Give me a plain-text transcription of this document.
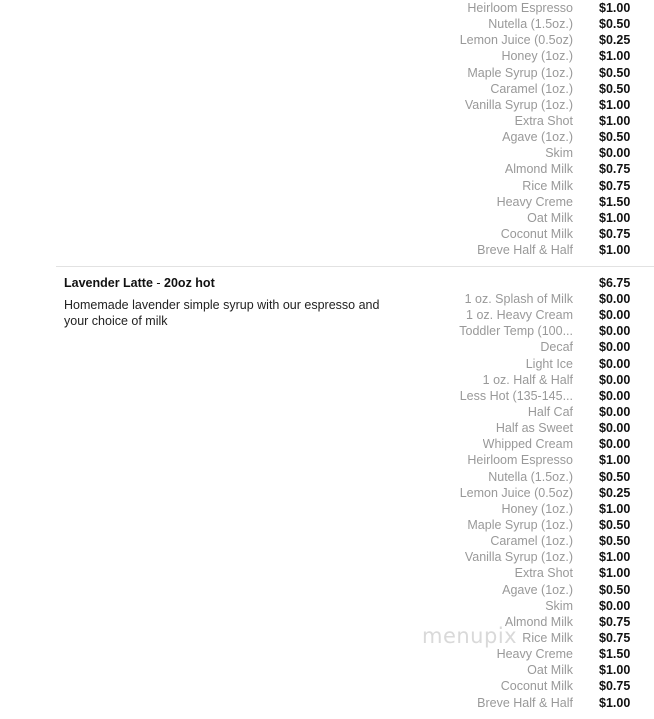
Heirloom Espresso $1.00
Nutella (1.5oz.) $0.50
Lemon Juice (0.5oz) $0.25
Honey (1oz.) $1.00
Maple Syrup (1oz.) $0.50
Caramel (1oz.) $0.50
Vanilla Syrup (1oz.) $1.00
Extra Shot $1.00
Agave (1oz.) $0.50
Skim $0.00
Almond Milk $0.75
Rice Milk $0.75
Heavy Creme $1.50
Oat Milk $1.00
Coconut Milk $0.75
Breve Half & Half $1.00
Lavender Latte - 20oz hot	$6.75
Homemade lavender simple syrup with our espresso and your choice of milk
1 oz. Splash of Milk $0.00
1 oz. Heavy Cream $0.00
Toddler Temp (100... $0.00
Decaf $0.00
Light Ice $0.00
1 oz. Half & Half $0.00
Less Hot (135-145... $0.00
Half Caf $0.00
Half as Sweet $0.00
Whipped Cream $0.00
Heirloom Espresso $1.00
Nutella (1.5oz.) $0.50
Lemon Juice (0.5oz) $0.25
Honey (1oz.) $1.00
Maple Syrup (1oz.) $0.50
Caramel (1oz.) $0.50
Vanilla Syrup (1oz.) $1.00
Extra Shot $1.00
Agave (1oz.) $0.50
Skim $0.00
Almond Milk $0.75
Rice Milk $0.75
Heavy Creme $1.50
Oat Milk $1.00
Coconut Milk $0.75
Breve Half & Half $1.00
menupix
